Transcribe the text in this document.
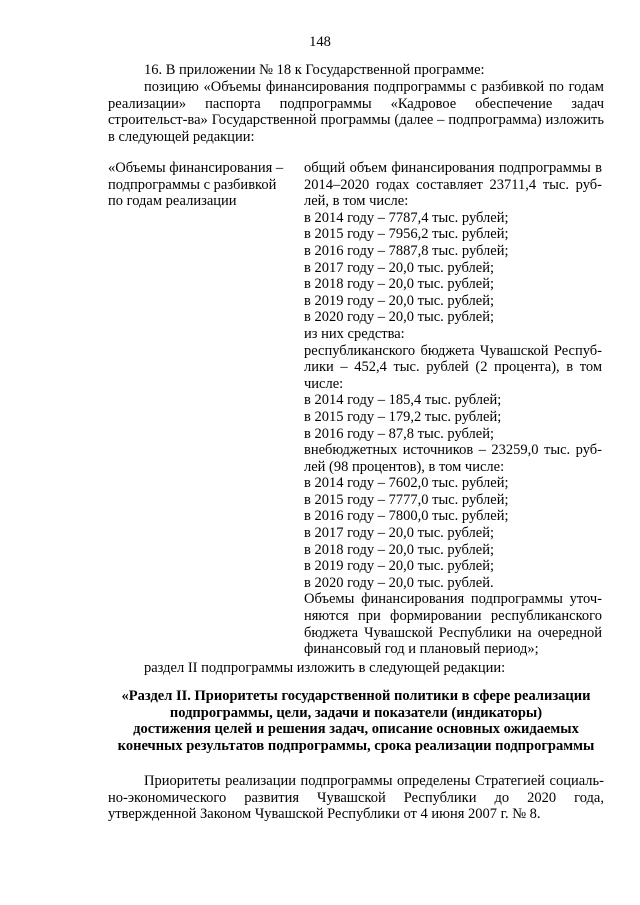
148

16. В приложении № 18 к Государственной программе:

позицию «Объемы финансирования подпрограммы с разбивкой по годам реализации» паспорта подпрограммы «Кадровое обеспечение задач строительст-ва» Государственной программы (далее – подпрограмма) изложить в следующей редакции:

«Объемы финансирования –
подпрограммы с разбивкой
по годам реализации
общий объем финансирования подпрограммы в
2014–2020 годах составляет 23711,4 тыс. руб-
лей, в том числе:
в 2014 году – 7787,4 тыс. рублей;
в 2015 году – 7956,2 тыс. рублей;
в 2016 году – 7887,8 тыс. рублей;
в 2017 году – 20,0 тыс. рублей;
в 2018 году – 20,0 тыс. рублей;
в 2019 году – 20,0 тыс. рублей;
в 2020 году – 20,0 тыс. рублей;
из них средства:
республиканского бюджета Чувашской Респуб-
лики – 452,4 тыс. рублей (2 процента), в том
числе:
в 2014 году – 185,4 тыс. рублей;
в 2015 году – 179,2 тыс. рублей;
в 2016 году – 87,8 тыс. рублей;
внебюджетных источников – 23259,0 тыс. руб-
лей (98 процентов), в том числе:
в 2014 году – 7602,0 тыс. рублей;
в 2015 году – 7777,0 тыс. рублей;
в 2016 году – 7800,0 тыс. рублей;
в 2017 году – 20,0 тыс. рублей;
в 2018 году – 20,0 тыс. рублей;
в 2019 году – 20,0 тыс. рублей;
в 2020 году – 20,0 тыс. рублей.
Объемы финансирования подпрограммы уточ-
няются при формировании республиканского
бюджета Чувашской Республики на очередной
финансовый год и плановый период»;

раздел II подпрограммы изложить в следующей редакции:

«Раздел II. Приоритеты государственной политики в сфере реализации
подпрограммы, цели, задачи и показатели (индикаторы)
достижения целей и решения задач, описание основных ожидаемых
конечных результатов подпрограммы, срока реализации подпрограммы

Приоритеты реализации подпрограммы определены Стратегией социаль-но-экономического развития Чувашской Республики до 2020 года, утвержденной Законом Чувашской Республики от 4 июня 2007 г. № 8.
